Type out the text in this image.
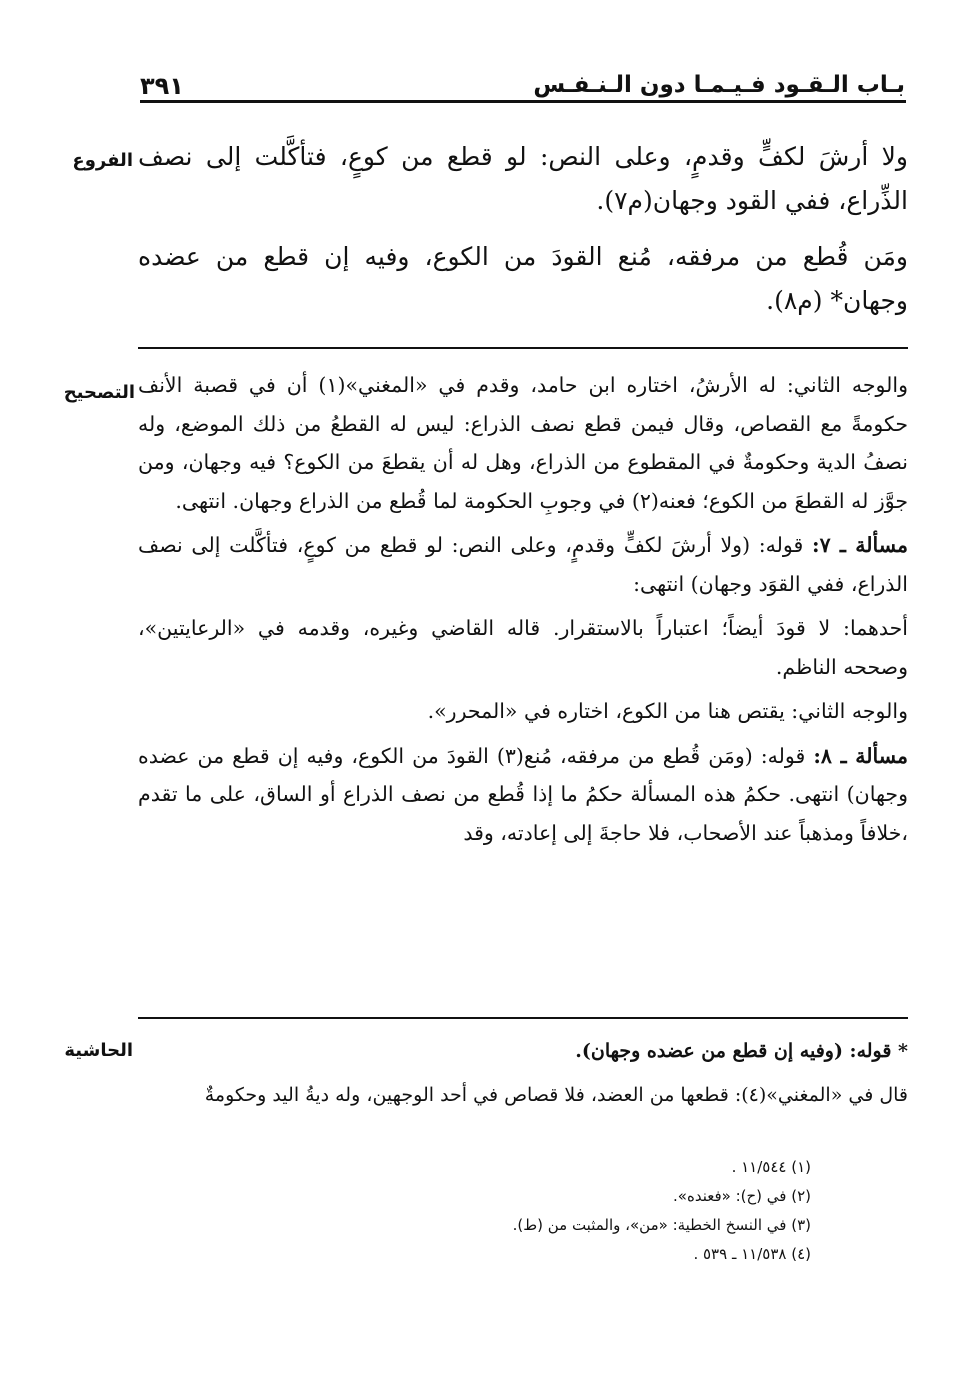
بـاب الـقـود فـيـمـا دون الـنـفـس
٣٩١
الفروع ولا أرشَ لكفٍّ وقدمٍ، وعلى النص: لو قطع من كوعٍ، فتأكَّلت إلى نصف الذِّراع، ففي القود وجهان(م٧).

ومَن قُطع من مرفقه، مُنع القودَ من الكوع، وفيه إن قطع من عضده وجهان* (م٨).

التصحيح والوجه الثاني: له الأرشُ، اختاره ابن حامد، وقدم في «المغني»(١) أن في قصبة الأنف حكومةً مع القصاص، وقال فيمن قطع نصف الذراع: ليس له القطعُ من ذلك الموضع، وله نصفُ الدية وحكومةٌ في المقطوع من الذراع، وهل له أن يقطعَ من الكوع؟ فيه وجهان، ومن جوَّز له القطعَ من الكوع؛ فعنه(٢) في وجوبِ الحكومة لما قُطع من الذراع وجهان. انتهى.

مسألة ـ ٧: قوله: (ولا أرشَ لكفٍّ وقدمٍ، وعلى النص: لو قطع من كوعٍ، فتأكَّلت إلى نصف الذراع، ففي القوَد وجهان) انتهى:

أحدهما: لا قودَ أيضاً؛ اعتباراً بالاستقرار. قاله القاضي وغيره، وقدمه في «الرعايتين»، وصححه الناظم.

والوجه الثاني: يقتص هنا من الكوع، اختاره في «المحرر».

مسألة ـ ٨: قوله: (ومَن قُطع من مرفقه، مُنع(٣) القودَ من الكوع، وفيه إن قطع من عضده وجهان) انتهى. حكمُ هذه المسألة حكمُ ما إذا قُطع من نصف الذراع أو الساق، على ما تقدم ،خلافاً ومذهباً عند الأصحاب، فلا حاجةَ إلى إعادته، وقد

الحاشية	* قوله: (وفيه إن قطع من عضده وجهان).

قال في «المغني»(٤): قطعها من العضد، فلا قصاص في أحد الوجهين، وله ديةُ اليد وحكومةٌ

(١) ١١/٥٤٤ .

(٢) في (ح): «فعنده».

(٣) في النسخ الخطية: «من»، والمثبت من (ط).

(٤) ١١/٥٣٨ ـ ٥٣٩ .
